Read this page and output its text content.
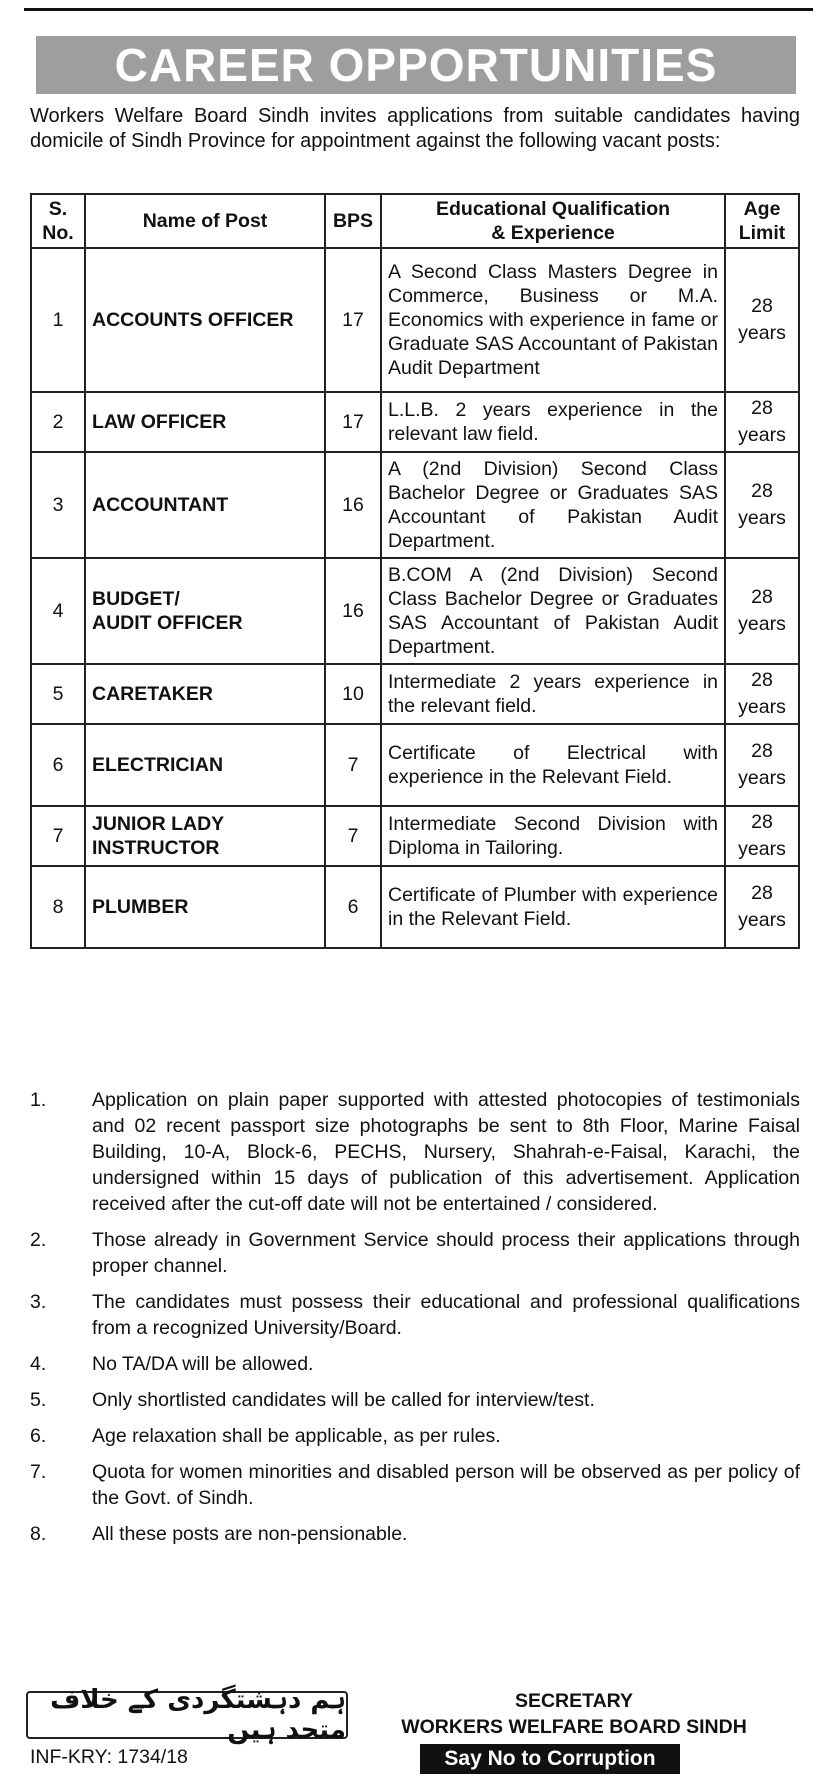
CAREER OPPORTUNITIES
Workers Welfare Board Sindh invites applications from suitable candidates having domicile of Sindh Province for appointment against the following vacant posts:
S.
No.	Name of Post	BPS	Educational Qualification
& Experience	Age
Limit
1	ACCOUNTS OFFICER	17	A Second Class Masters Degree in Commerce, Business or M.A. Economics with experience in fame or Graduate SAS Accountant of Pakistan Audit Department	28
years
2	LAW OFFICER	17	L.L.B. 2 years experience in the relevant law field.	28
years
3	ACCOUNTANT	16	A (2nd Division) Second Class Bachelor Degree or Graduates SAS Accountant of Pakistan Audit Department.	28
years
4	BUDGET/
AUDIT OFFICER	16	B.COM A (2nd Division) Second Class Bachelor Degree or Graduates SAS Accountant of Pakistan Audit Department.	28
years
5	CARETAKER	10	Intermediate 2 years experience in the relevant field.	28
years
6	ELECTRICIAN	7	Certificate of Electrical with experience in the Relevant Field.	28
years
7	JUNIOR LADY
INSTRUCTOR	7	Intermediate Second Division with Diploma in Tailoring.	28
years
8	PLUMBER	6	Certificate of Plumber with experience in the Relevant Field.	28
years
1.	Application on plain paper supported with attested photocopies of testimonials and 02 recent passport size photographs be sent to 8th Floor, Marine Faisal Building, 10-A, Block-6, PECHS, Nursery, Shahrah-e-Faisal, Karachi, the undersigned within 15 days of publication of this advertisement. Application received after the cut-off date will not be entertained / considered.
2.	Those already in Government Service should process their applications through proper channel.
3.	The candidates must possess their educational and professional qualifications from a recognized University/Board.
4.	No TA/DA will be allowed.
5.	Only shortlisted candidates will be called for interview/test.
6.	Age relaxation shall be applicable, as per rules.
7.	Quota for women minorities and disabled person will be observed as per policy of the Govt. of Sindh.
8.	All these posts are non-pensionable.
ہم دہشتگردی کے خلاف متحد ہیں
SECRETARY
WORKERS WELFARE BOARD SINDH
INF-KRY: 1734/18	Say No to Corruption
